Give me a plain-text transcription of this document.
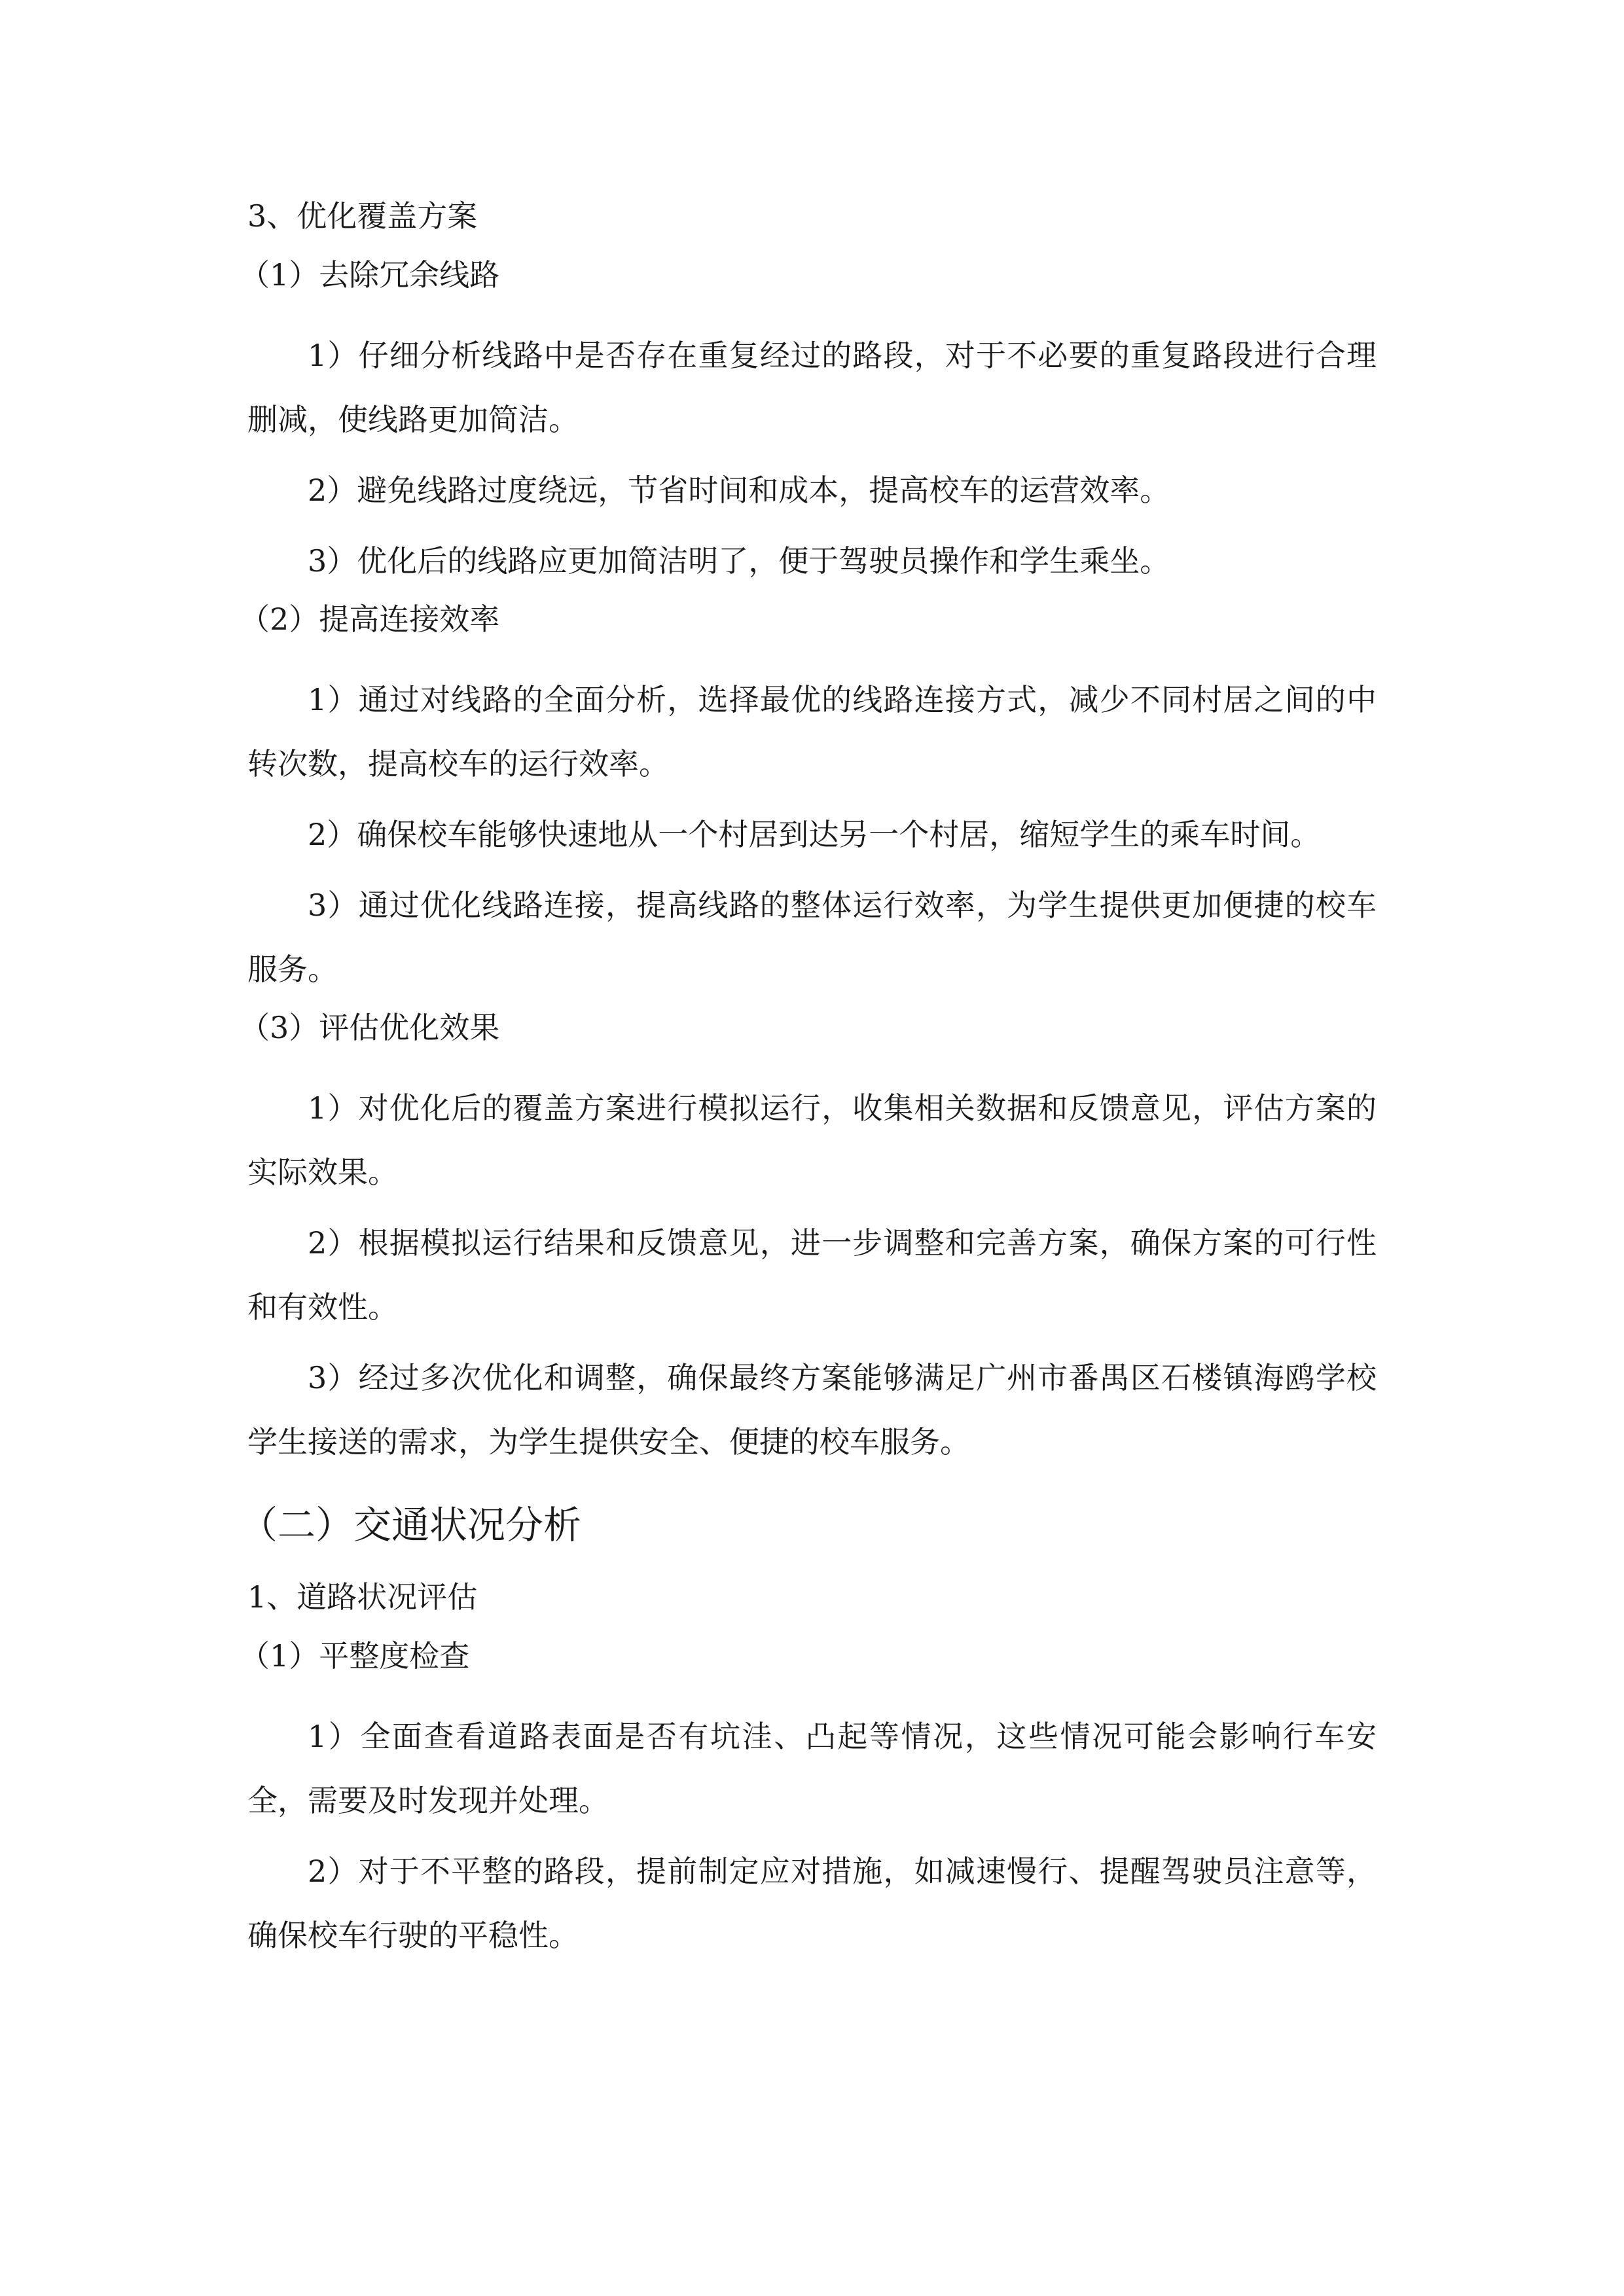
3、优化覆盖方案
（1）去除冗余线路

1）仔细分析线路中是否存在重复经过的路段，对于不必要的重复路段进行合理删减，使线路更加简洁。

2）避免线路过度绕远，节省时间和成本，提高校车的运营效率。

3）优化后的线路应更加简洁明了，便于驾驶员操作和学生乘坐。

（2）提高连接效率

1）通过对线路的全面分析，选择最优的线路连接方式，减少不同村居之间的中转次数，提高校车的运行效率。

2）确保校车能够快速地从一个村居到达另一个村居，缩短学生的乘车时间。

3）通过优化线路连接，提高线路的整体运行效率，为学生提供更加便捷的校车服务。

（3）评估优化效果

1）对优化后的覆盖方案进行模拟运行，收集相关数据和反馈意见，评估方案的实际效果。

2）根据模拟运行结果和反馈意见，进一步调整和完善方案，确保方案的可行性和有效性。

3）经过多次优化和调整，确保最终方案能够满足广州市番禺区石楼镇海鸥学校学生接送的需求，为学生提供安全、便捷的校车服务。

（二）交通状况分析
1、道路状况评估
（1）平整度检查

1）全面查看道路表面是否有坑洼、凸起等情况，这些情况可能会影响行车安全，需要及时发现并处理。

2）对于不平整的路段，提前制定应对措施，如减速慢行、提醒驾驶员注意等，确保校车行驶的平稳性。
